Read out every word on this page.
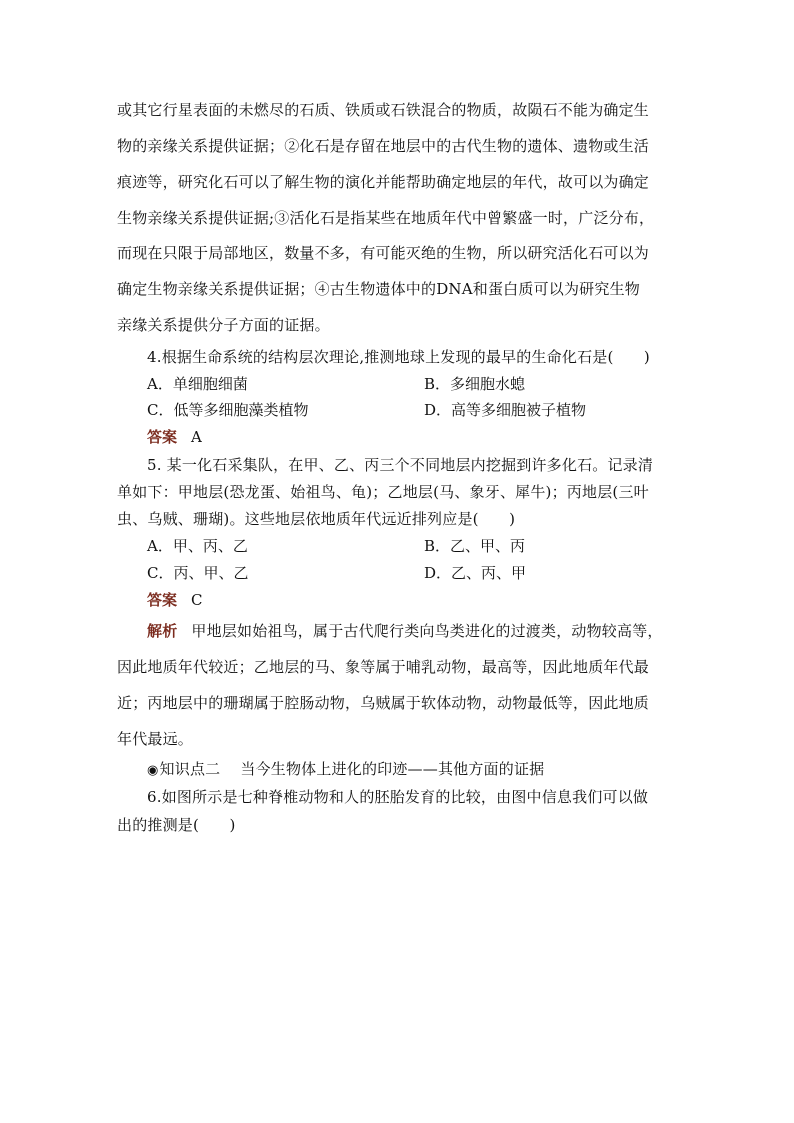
或其它行星表面的未燃尽的石质、铁质或石铁混合的物质，故陨石不能为确定生
物的亲缘关系提供证据；②化石是存留在地层中的古代生物的遗体、遗物或生活
痕迹等，研究化石可以了解生物的演化并能帮助确定地层的年代，故可以为确定
生物亲缘关系提供证据;③活化石是指某些在地质年代中曾繁盛一时，广泛分布，
而现在只限于局部地区，数量不多，有可能灭绝的生物，所以研究活化石可以为
确定生物亲缘关系提供证据；④古生物遗体中的DNA和蛋白质可以为研究生物
亲缘关系提供分子方面的证据。
4.根据生命系统的结构层次理论,推测地球上发现的最早的生命化石是(　　)
A．单细胞细菌	B．多细胞水螅
C．低等多细胞藻类植物	D．高等多细胞被子植物
答案 A
5. 某一化石采集队，在甲、乙、丙三个不同地层内挖掘到许多化石。记录清
单如下：甲地层(恐龙蛋、始祖鸟、龟)；乙地层(马、象牙、犀牛)；丙地层(三叶
虫、乌贼、珊瑚)。这些地层依地质年代远近排列应是(　　)
A．甲、丙、乙	B．乙、甲、丙
C．丙、甲、乙	D．乙、丙、甲
答案 C
解析 甲地层如始祖鸟，属于古代爬行类向鸟类进化的过渡类，动物较高等，
因此地质年代较近；乙地层的马、象等属于哺乳动物，最高等，因此地质年代最
近；丙地层中的珊瑚属于腔肠动物，乌贼属于软体动物，动物最低等，因此地质
年代最远。
◉知识点二 当今生物体上进化的印迹——其他方面的证据
6.如图所示是七种脊椎动物和人的胚胎发育的比较，由图中信息我们可以做
出的推测是(　　)
